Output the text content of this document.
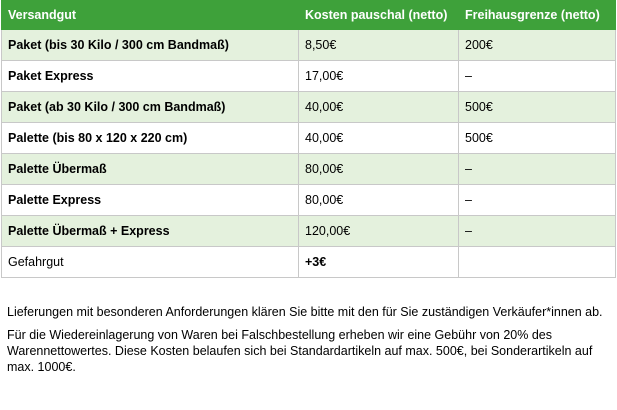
Versandgut	Kosten pauschal (netto)	Freihausgrenze (netto)
Paket (bis 30 Kilo / 300 cm Bandmaß)	8,50€	200€
Paket Express	17,00€	–
Paket (ab 30 Kilo / 300 cm Bandmaß)	40,00€	500€
Palette (bis 80 x 120 x 220 cm)	40,00€	500€
Palette Übermaß	80,00€	–
Palette Express	80,00€	–
Palette Übermaß + Express	120,00€	–
Gefahrgut	+3€	

Lieferungen mit besonderen Anforderungen klären Sie bitte mit den für Sie zuständigen Verkäufer*innen ab.

Für die Wiedereinlagerung von Waren bei Falschbestellung erheben wir eine Gebühr von 20% des Warennettowertes. Diese Kosten belaufen sich bei Standardartikeln auf max. 500€, bei Sonderartikeln auf max. 1000€.
